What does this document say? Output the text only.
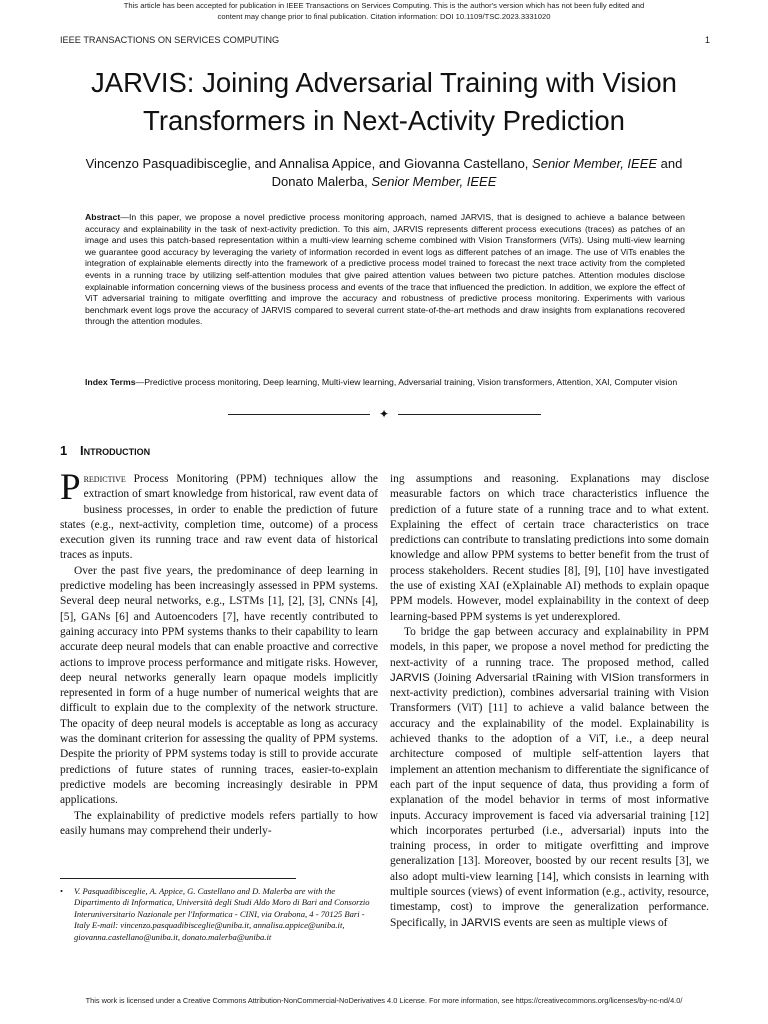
This article has been accepted for publication in IEEE Transactions on Services Computing. This is the author's version which has not been fully edited and
content may change prior to final publication. Citation information: DOI 10.1109/TSC.2023.3331020
IEEE TRANSACTIONS ON SERVICES COMPUTING	1
JARVIS: Joining Adversarial Training with Vision Transformers in Next-Activity Prediction
Vincenzo Pasquadibisceglie, and Annalisa Appice, and Giovanna Castellano, Senior Member, IEEE and
Donato Malerba, Senior Member, IEEE
Abstract—In this paper, we propose a novel predictive process monitoring approach, named JARVIS, that is designed to achieve a balance between accuracy and explainability in the task of next-activity prediction. To this aim, JARVIS represents different process executions (traces) as patches of an image and uses this patch-based representation within a multi-view learning scheme combined with Vision Transformers (ViTs). Using multi-view learning we guarantee good accuracy by leveraging the variety of information recorded in event logs as different patches of an image. The use of ViTs enables the integration of explainable elements directly into the framework of a predictive process model trained to forecast the next trace activity from the completed events in a running trace by utilizing self-attention modules that give paired attention values between two picture patches. Attention modules disclose explainable information concerning views of the business process and events of the trace that influenced the prediction. In addition, we explore the effect of ViT adversarial training to mitigate overfitting and improve the accuracy and robustness of predictive process monitoring. Experiments with various benchmark event logs prove the accuracy of JARVIS compared to several current state-of-the-art methods and draw insights from explanations recovered through the attention modules.
Index Terms—Predictive process monitoring, Deep learning, Multi-view learning, Adversarial training, Vision transformers, Attention, XAI, Computer vision
✦
1 Introduction

Predictive Process Monitoring (PPM) techniques allow the extraction of smart knowledge from historical, raw event data of business processes, in order to enable the prediction of future states (e.g., next-activity, completion time, outcome) of a process execution given its running trace and raw event data of historical traces as inputs.

Over the past five years, the predominance of deep learning in predictive modeling has been increasingly assessed in PPM systems. Several deep neural networks, e.g., LSTMs [1], [2], [3], CNNs [4], [5], GANs [6] and Autoencoders [7], have recently contributed to gaining accuracy into PPM systems thanks to their capability to learn accurate deep neural models that can enable proactive and corrective actions to improve process performance and mitigate risks. However, deep neural networks generally learn opaque models implicitly represented in form of a huge number of numerical weights that are difficult to explain due to the complexity of the network structure. The opacity of deep neural models is acceptable as long as accuracy was the dominant criterion for assessing the quality of PPM systems. Despite the priority of PPM systems today is still to provide accurate predictions of future states of running traces, easier-to-explain predictive models are becoming increasingly desirable in PPM applications.

The explainability of predictive models refers partially to how easily humans may comprehend their underly-

• V. Pasquadibisceglie, A. Appice, G. Castellano and D. Malerba are with the Dipartimento di Informatica, Università degli Studi Aldo Moro di Bari and Consorzio Interuniversitario Nazionale per l'Informatica - CINI, via Orabona, 4 - 70125 Bari - Italy E-mail: vincenzo.pasquadibisceglie@uniba.it, annalisa.appice@uniba.it, giovanna.castellano@uniba.it, donato.malerba@uniba.it

ing assumptions and reasoning. Explanations may disclose measurable factors on which trace characteristics influence the prediction of a future state of a running trace and to what extent. Explaining the effect of certain trace characteristics on trace predictions can contribute to translating predictions into some domain knowledge and allow PPM systems to better benefit from the trust of process stakeholders. Recent studies [8], [9], [10] have investigated the use of existing XAI (eXplainable AI) methods to explain opaque PPM models. However, model explainability in the context of deep learning-based PPM systems is yet underexplored.

To bridge the gap between accuracy and explainability in PPM models, in this paper, we propose a novel method for predicting the next-activity of a running trace. The proposed method, called JARVIS (Joining Adversarial tRaining with VISion transformers in next-activity prediction), combines adversarial training with Vision Transformers (ViT) [11] to achieve a valid balance between the accuracy and the explainability of the model. Explainability is achieved thanks to the adoption of a ViT, i.e., a deep neural architecture composed of multiple self-attention layers that implement an attention mechanism to differentiate the significance of each part of the input sequence of data, thus providing a form of explanation of the model behavior in terms of most informative inputs. Accuracy improvement is faced via adversarial training [12] which incorporates perturbed (i.e., adversarial) inputs into the training process, in order to mitigate overfitting and improve generalization [13]. Moreover, boosted by our recent results [3], we also adopt multi-view learning [14], which consists in learning with multiple sources (views) of event information (e.g., activity, resource, timestamp, cost) to improve the generalization performance. Specifically, in JARVIS events are seen as multiple views of

This work is licensed under a Creative Commons Attribution-NonCommercial-NoDerivatives 4.0 License. For more information, see https://creativecommons.org/licenses/by-nc-nd/4.0/
